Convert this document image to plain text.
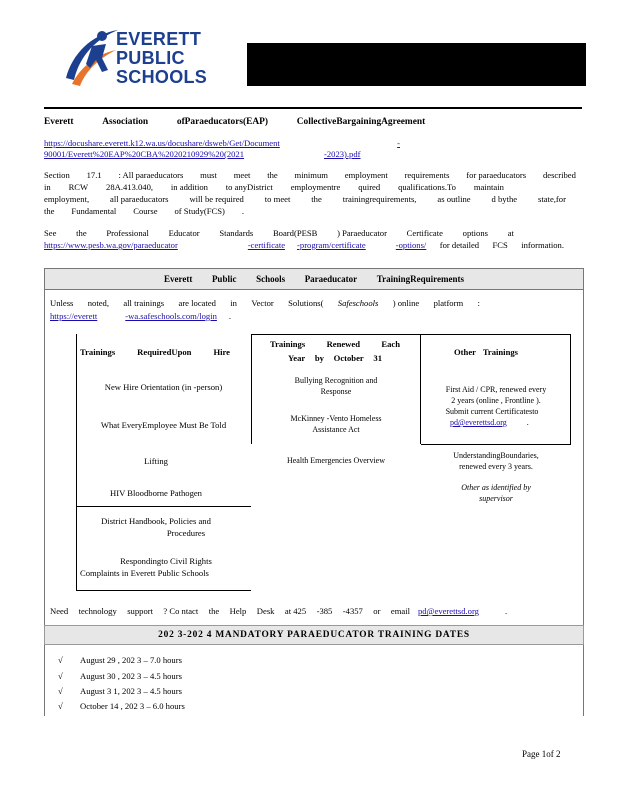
EVERETT
PUBLIC
SCHOOLS
Everett	Association	ofParaeducators(EAP)	CollectiveBargainingAgreement
https://docushare.everett.k12.wa.us/docushare/dsweb/Get/Document	-
90001/Everett%20EAP%20CBA%2020210929%20(2021	-2023).pdf
Section 17.1 : All paraeducators must meet the minimum employment requirements for paraeducators described
in RCW 28A.413.040, in addition to anyDistrict employmentre quired qualifications.To maintain
employment, all paraeducators will be required to meet the trainingrequirements, as outline d bythe state,for
the Fundamental Course of Study(FCS) .
See the Professional Educator Standards Board(PESB ) Paraeducator Certificate options at
https://www.pesb.wa.gov/paraeducator	-certificate -program/certificate	-options/ for detailed FCS information.
Everett Public Schools Paraeducator TrainingRequirements
Unless noted, all trainings are located in Vector Solutions( Safeschools ) online platform :
https://everett	-wa.safeschools.com/login .
Trainings	RequiredUpon	Hire
Trainings Renewed Each
Year by October 31
Other Trainings
New Hire Orientation (in -person)
What EveryEmployee Must Be Told
Lifting
HIV Bloodborne Pathogen
District Handbook, Policies and
Procedures
Respondingto Civil Rights
Complaints in Everett Public Schools
Bullying Recognition and
Response
McKinney -Vento Homeless
Assistance Act
Health Emergencies Overview
First Aid / CPR, renewed every
2 years (online , Frontline ).
Submit current Certificatesto
pd@everettsd.org	.
UnderstandingBoundaries,
renewed every 3 years.
Other as identified by
supervisor
Need technology support ? Co ntact the Help Desk at 425 -385 -4357 or email pd@everettsd.org	.
202 3-202 4 MANDATORY PARAEDUCATOR TRAINING DATES
√ August 29 , 202 3 – 7.0 hours
√ August 30 , 202 3 – 4.5 hours
√ August 3 1, 202 3 – 4.5 hours
√ October 14 , 202 3 – 6.0 hours
Page 1of 2
